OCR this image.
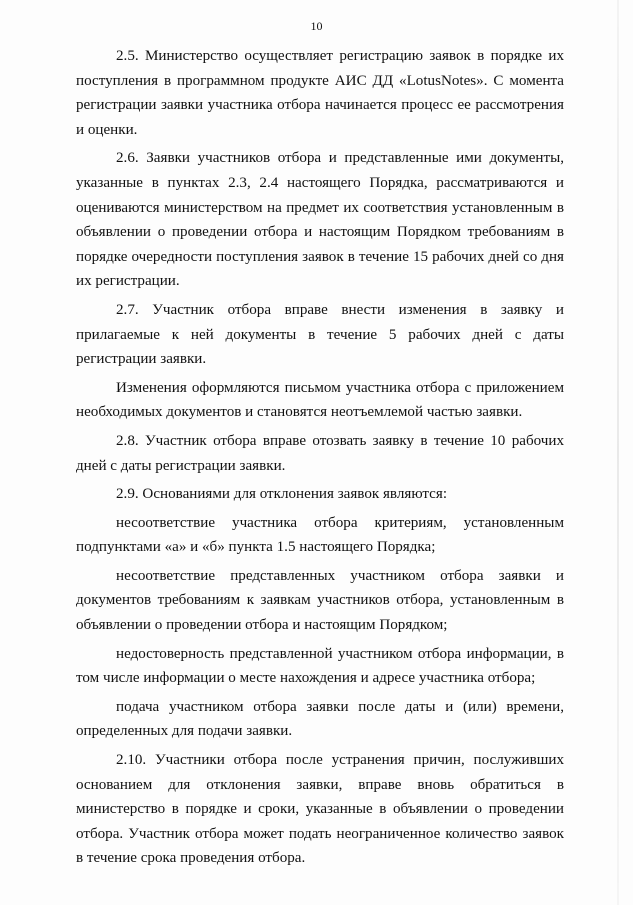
10

2.5. Министерство осуществляет регистрацию заявок в порядке их поступления в программном продукте АИС ДД «LotusNotes». С момента регистрации заявки участника отбора начинается процесс ее рассмотрения и оценки.

2.6. Заявки участников отбора и представленные ими документы, указанные в пунктах 2.3, 2.4 настоящего Порядка, рассматриваются и оцениваются министерством на предмет их соответствия установленным в объявлении о проведении отбора и настоящим Порядком требованиям в порядке очередности поступления заявок в течение 15 рабочих дней со дня их регистрации.

2.7. Участник отбора вправе внести изменения в заявку и прилагаемые к ней документы в течение 5 рабочих дней с даты регистрации заявки.

Изменения оформляются письмом участника отбора с приложением необходимых документов и становятся неотъемлемой частью заявки.

2.8. Участник отбора вправе отозвать заявку в течение 10 рабочих дней с даты регистрации заявки.

2.9. Основаниями для отклонения заявок являются:

несоответствие участника отбора критериям, установленным подпунктами «а» и «б» пункта 1.5 настоящего Порядка;

несоответствие представленных участником отбора заявки и документов требованиям к заявкам участников отбора, установленным в объявлении о проведении отбора и настоящим Порядком;

недостоверность представленной участником отбора информации, в том числе информации о месте нахождения и адресе участника отбора;

подача участником отбора заявки после даты и (или) времени, определенных для подачи заявки.

2.10. Участники отбора после устранения причин, послуживших основанием для отклонения заявки, вправе вновь обратиться в министерство в порядке и сроки, указанные в объявлении о проведении отбора. Участник отбора может подать неограниченное количество заявок в течение срока проведения отбора.
